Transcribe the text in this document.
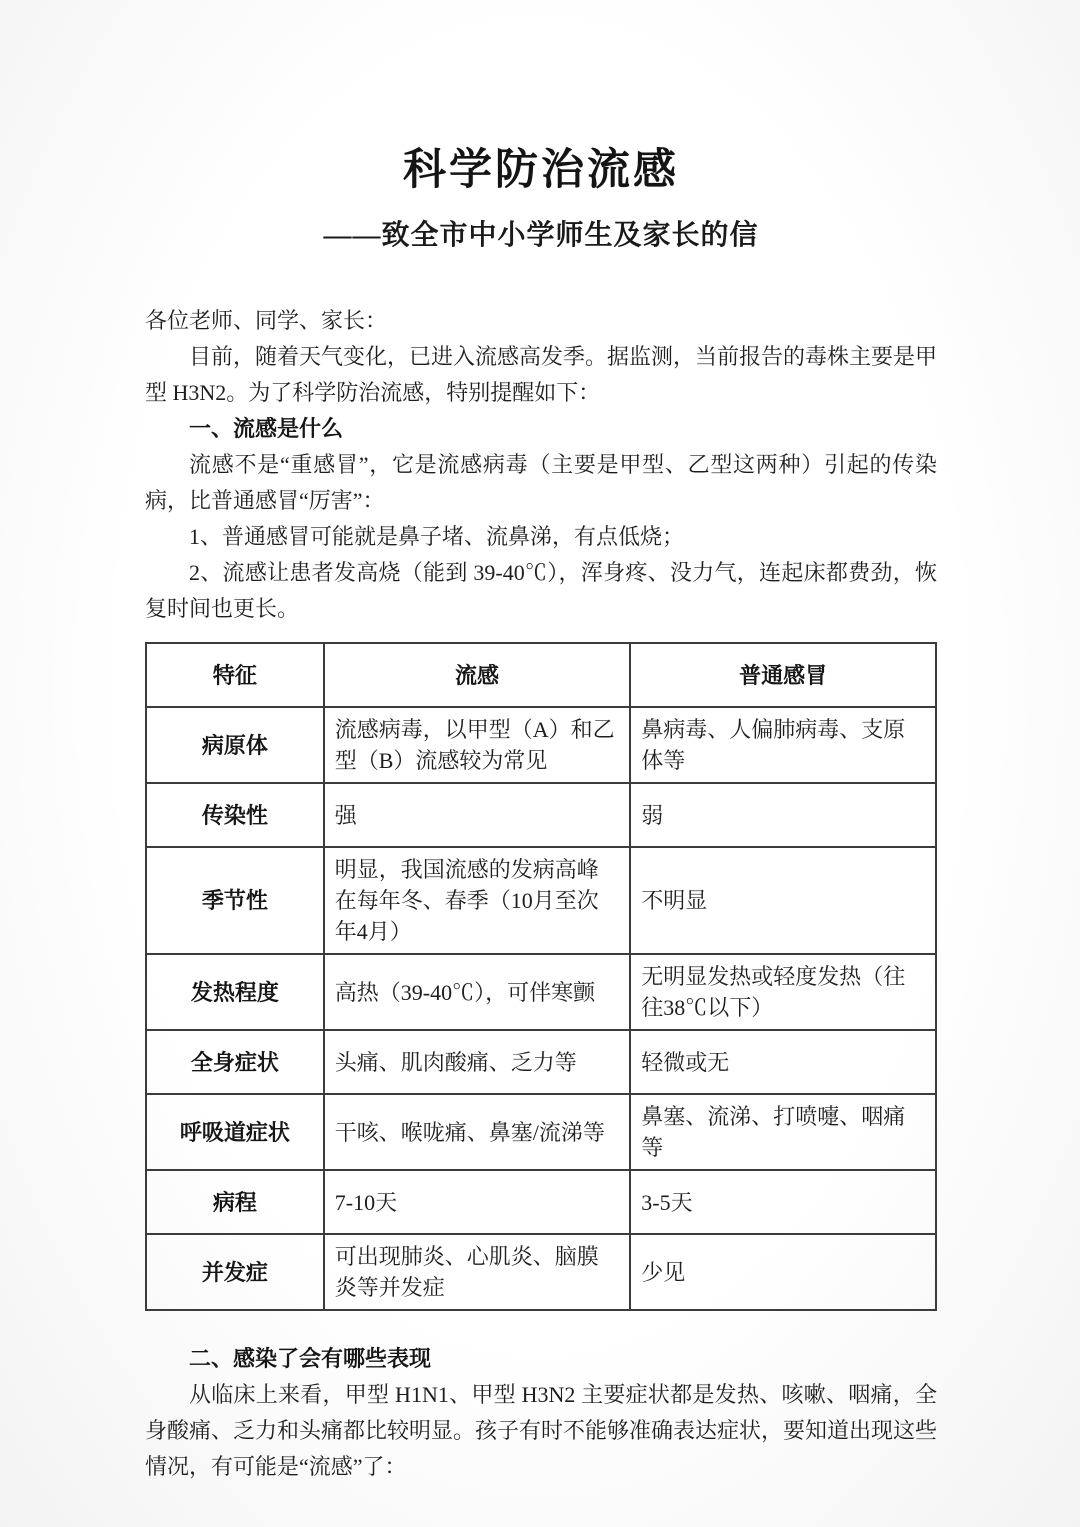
科学防治流感
——致全市中小学师生及家长的信

各位老师、同学、家长：

目前，随着天气变化，已进入流感高发季。据监测，当前报告的毒株主要是甲型 H3N2。为了科学防治流感，特别提醒如下：

一、流感是什么

流感不是“重感冒”，它是流感病毒（主要是甲型、乙型这两种）引起的传染病，比普通感冒“厉害”：

1、普通感冒可能就是鼻子堵、流鼻涕，有点低烧；

2、流感让患者发高烧（能到 39-40℃），浑身疼、没力气，连起床都费劲，恢复时间也更长。

特征	流感	普通感冒
病原体	流感病毒，以甲型（A）和乙型（B）流感较为常见	鼻病毒、人偏肺病毒、支原体等
传染性	强	弱
季节性	明显，我国流感的发病高峰在每年冬、春季（10月至次年4月）	不明显
发热程度	高热（39-40℃），可伴寒颤	无明显发热或轻度发热（往往38℃以下）
全身症状	头痛、肌肉酸痛、乏力等	轻微或无
呼吸道症状	干咳、喉咙痛、鼻塞/流涕等	鼻塞、流涕、打喷嚏、咽痛等
病程	7-10天	3-5天
并发症	可出现肺炎、心肌炎、脑膜炎等并发症	少见

二、感染了会有哪些表现

从临床上来看，甲型 H1N1、甲型 H3N2 主要症状都是发热、咳嗽、咽痛，全身酸痛、乏力和头痛都比较明显。孩子有时不能够准确表达症状，要知道出现这些情况，有可能是“流感”了：
